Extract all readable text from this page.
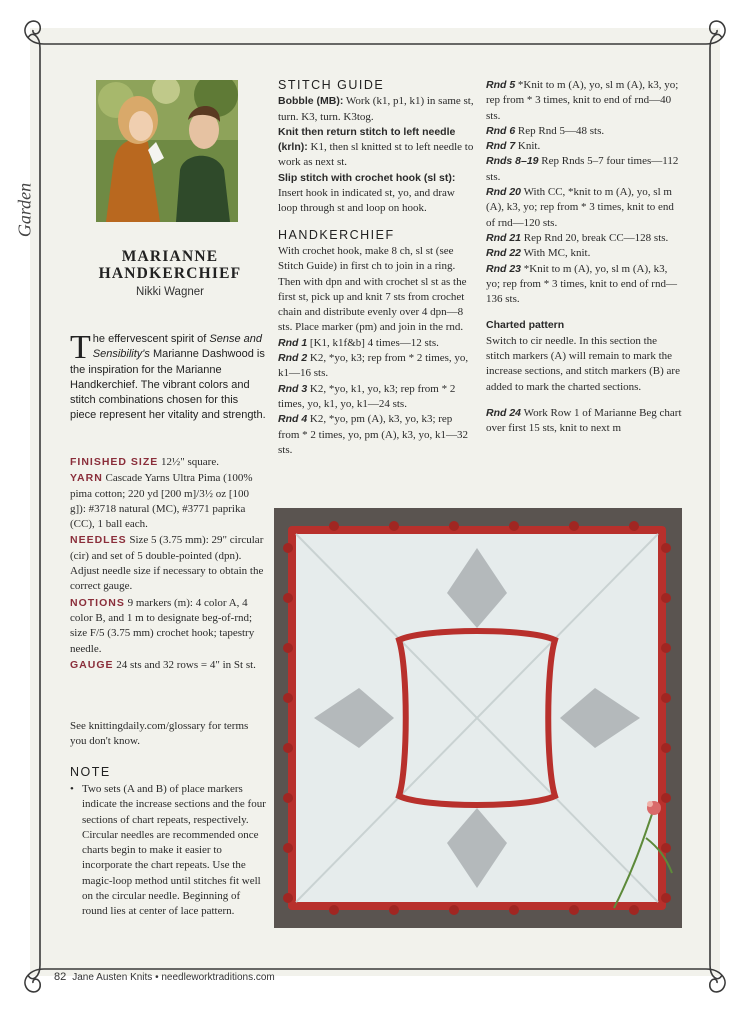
Garden
MARIANNE
HANDKERCHIEF
Nikki Wagner
The effervescent spirit of Sense and Sensibility's Marianne Dashwood is the inspiration for the Marianne Handkerchief. The vibrant colors and stitch combinations chosen for this piece represent her vitality and strength.

FINISHED SIZE 12½" square.

YARN Cascade Yarns Ultra Pima (100% pima cotton; 220 yd [200 m]/3½ oz [100 g]): #3718 natural (MC), #3771 paprika (CC), 1 ball each.

NEEDLES Size 5 (3.75 mm): 29" circular (cir) and set of 5 double-pointed (dpn). Adjust needle size if necessary to obtain the correct gauge.

NOTIONS 9 markers (m): 4 color A, 4 color B, and 1 m to designate beg-of-rnd; size F/5 (3.75 mm) crochet hook; tapestry needle.

GAUGE 24 sts and 32 rows = 4" in St st.

See knittingdaily.com/glossary for terms you don't know.
NOTE
• Two sets (A and B) of place markers indicate the increase sections and the four sections of chart repeats, respectively. Circular needles are recommended once charts begin to make it easier to incorporate the chart repeats. Use the magic-loop method until stitches fit well on the circular needle. Beginning of round lies at center of lace pattern.
STITCH GUIDE

Bobble (MB): Work (k1, p1, k1) in same st, turn. K3, turn. K3tog.

Knit then return stitch to left needle (krln): K1, then sl knitted st to left needle to work as next st.

Slip stitch with crochet hook (sl st): Insert hook in indicated st, yo, and draw loop through st and loop on hook.

HANDKERCHIEF

With crochet hook, make 8 ch, sl st (see Stitch Guide) in first ch to join in a ring. Then with dpn and with crochet sl st as the first st, pick up and knit 7 sts from crochet chain and distribute evenly over 4 dpn—8 sts. Place marker (pm) and join in the rnd.

Rnd 1 [K1, k1f&b] 4 times—12 sts.

Rnd 2 K2, *yo, k3; rep from * 2 times, yo, k1—16 sts.

Rnd 3 K2, *yo, k1, yo, k3; rep from * 2 times, yo, k1, yo, k1—24 sts.

Rnd 4 K2, *yo, pm (A), k3, yo, k3; rep from * 2 times, yo, pm (A), k3, yo, k1—32 sts.

Rnd 5 *Knit to m (A), yo, sl m (A), k3, yo; rep from * 3 times, knit to end of rnd—40 sts.

Rnd 6 Rep Rnd 5—48 sts.

Rnd 7 Knit.

Rnds 8–19 Rep Rnds 5–7 four times—112 sts.

Rnd 20 With CC, *knit to m (A), yo, sl m (A), k3, yo; rep from * 3 times, knit to end of rnd—120 sts.

Rnd 21 Rep Rnd 20, break CC—128 sts.

Rnd 22 With MC, knit.

Rnd 23 *Knit to m (A), yo, sl m (A), k3, yo; rep from * 3 times, knit to end of rnd—136 sts.

Charted pattern

Switch to cir needle. In this section the stitch markers (A) will remain to mark the increase sections, and stitch markers (B) are added to mark the charted sections.

Rnd 24 Work Row 1 of Marianne Beg chart over first 15 sts, knit to next m

82 Jane Austen Knits • needleworktraditions.com
